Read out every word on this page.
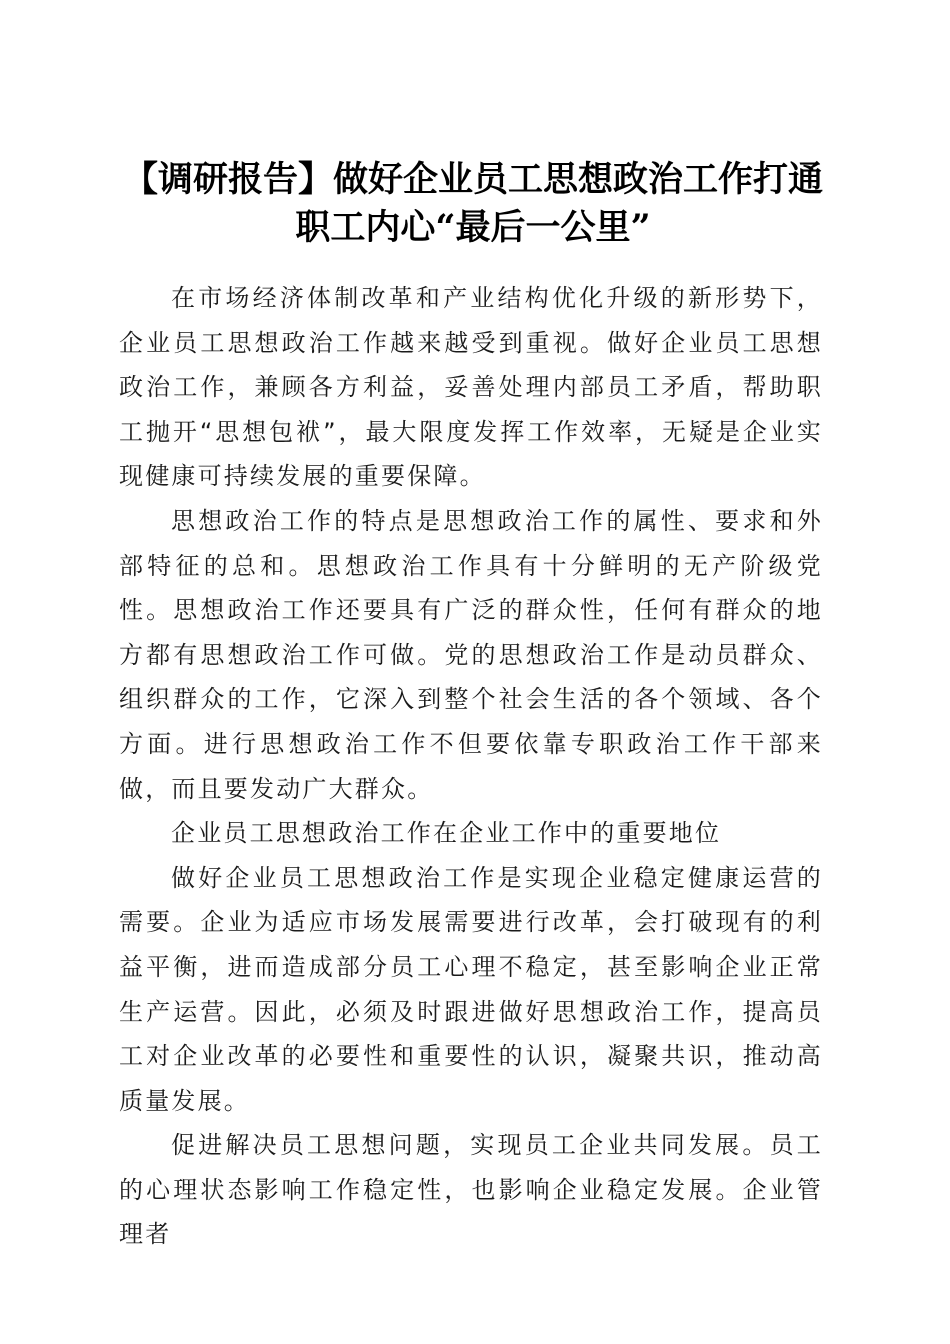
【调研报告】做好企业员工思想政治工作打通
职工内心“最后一公里”

在市场经济体制改革和产业结构优化升级的新形势下，企业员工思想政治工作越来越受到重视。做好企业员工思想政治工作，兼顾各方利益，妥善处理内部员工矛盾，帮助职工抛开“思想包袱”，最大限度发挥工作效率，无疑是企业实现健康可持续发展的重要保障。

思想政治工作的特点是思想政治工作的属性、要求和外部特征的总和。思想政治工作具有十分鲜明的无产阶级党性。思想政治工作还要具有广泛的群众性，任何有群众的地方都有思想政治工作可做。党的思想政治工作是动员群众、组织群众的工作，它深入到整个社会生活的各个领域、各个方面。进行思想政治工作不但要依靠专职政治工作干部来做，而且要发动广大群众。

企业员工思想政治工作在企业工作中的重要地位

做好企业员工思想政治工作是实现企业稳定健康运营的需要。企业为适应市场发展需要进行改革，会打破现有的利益平衡，进而造成部分员工心理不稳定，甚至影响企业正常生产运营。因此，必须及时跟进做好思想政治工作，提高员工对企业改革的必要性和重要性的认识，凝聚共识，推动高质量发展。

促进解决员工思想问题，实现员工企业共同发展。员工的心理状态影响工作稳定性，也影响企业稳定发展。企业管理者
